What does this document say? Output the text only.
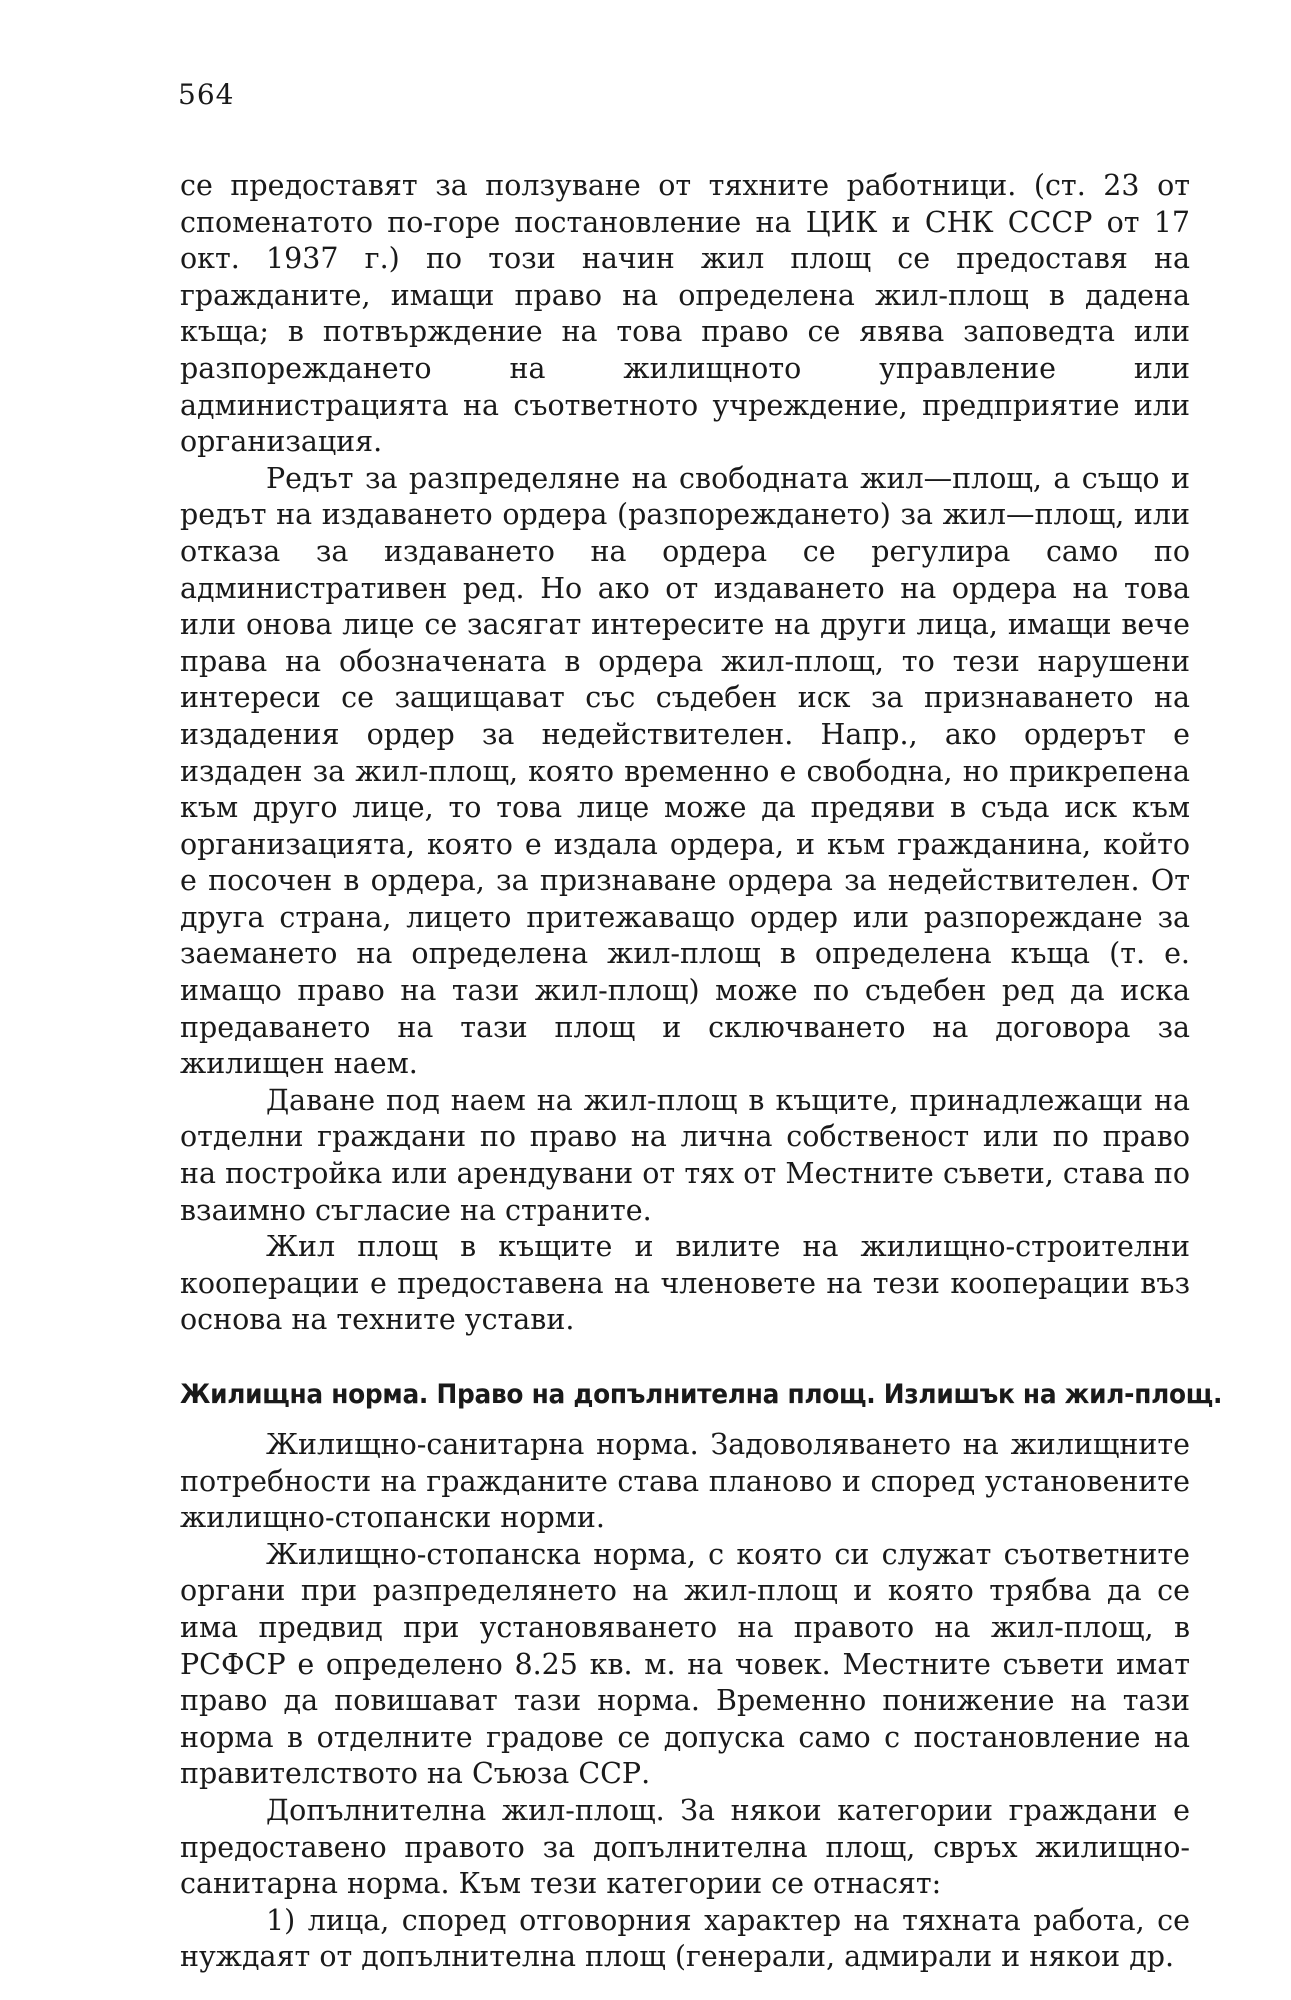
564

се предоставят за ползуване от тяхните работници. (ст. 23 от споменатото по-горе постановление на ЦИК и СНК СССР от 17 окт. 1937 г.) по този начин жил площ се предоставя на гражданите, имащи право на определена жил-площ в дадена къща; в потвърждение на това право се явява заповедта или разпореждането на жилищното управление или администрацията на съответното учреждение, предприятие или организация.

Редът за разпределяне на свободната жил—площ, а също и редът на издаването ордера (разпореждането) за жил—площ, или отказа за издаването на ордера се регулира само по административен ред. Но ако от издаването на ордера на това или онова лице се засягат интересите на други лица, имащи вече права на обозначената в ордера жил-площ, то тези нарушени интереси се защищават със съдебен иск за признаването на издадения ордер за недействителен. Напр., ако ордерът е издаден за жил-площ, която временно е свободна, но прикрепена към друго лице, то това лице може да предяви в съда иск към организацията, която е издала ордера, и към гражданина, който е посочен в ордера, за признаване ордера за недействителен. От друга страна, лицето притежаващо ордер или разпореждане за заемането на определена жил-площ в определена къща (т. е. имащо право на тази жил-площ) може по съдебен ред да иска предаването на тази площ и сключването на договора за жилищен наем.

Даване под наем на жил-площ в къщите, принадлежащи на отделни граждани по право на лична собственост или по право на постройка или арендувани от тях от Местните съвети, става по взаимно съгласие на страните.

Жил площ в къщите и вилите на жилищно-строителни кооперации е предоставена на членовете на тези кооперации въз основа на техните устави.

Жилищна норма. Право на допълнителна площ. Излишък на жил-площ.

Жилищно-санитарна норма. Задоволяването на жилищните потребности на гражданите става планово и според установените жилищно-стопански норми.

Жилищно-стопанска норма, с която си служат съответните органи при разпределянето на жил-площ и която трябва да се има предвид при установяването на правото на жил-площ, в РСФСР е определено 8.25 кв. м. на човек. Местните съвети имат право да повишават тази норма. Временно понижение на тази норма в отделните градове се допуска само с постановление на правителството на Съюза ССР.

Допълнителна жил-площ. За някои категории граждани е предоставено правото за допълнителна площ, свръх жилищно-санитарна норма. Към тези категории се отнасят:

1) лица, според отговорния характер на тяхната работа, се нуждаят от допълнителна площ (генерали, адмирали и някои др.
